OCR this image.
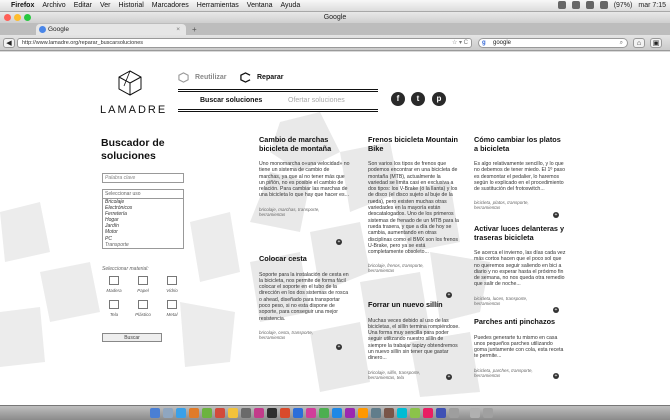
Firefox Archivo Editar Ver Historial Marcadores Herramientas Ventana Ayuda	(97%) mar 7:15
Google
Google	× +
◀	http://www.lamadre.org/reparar_buscarsoluciones	☆ ▾ C g google	⌕	⌂	▣
LAMADRE
Reutilizar	Reparar
Buscar soluciones	Ofertar soluciones	f	t	p
Buscador de soluciones
Palabra clave
Seleccionar uso
Bricolaje
Electrónicos
Ferretería
Hogar
Jardín
Motor
PC
Transporte
Seleccionar material:
Madera	Papel	Vidrio
Tela	Plástico	Metal
Buscar
Cambio de marchas bicicleta de montaña

Uno monomarcha o«una velocidad» no tiene un sistema de cambio de marchas, ya que al no tener más que un piñón, no es posible el cambio de relación. Para cambiar las marchas de una bicicleta lo que hay que hacer es...

bricolaje, marchas, transporte, herramientas
+
Colocar cesta

Soporte para la instalación de cesta en la bicicleta, nos permite de forma fácil colocar el soporte en el tubo de la dirección en los dos sistemas de rosca o ahead, diseñado para transportar poco peso, si no esta dispone de soporte, para conseguir una mejor resistencia.

bricolaje, cesta, transporte, herramientas
+
Frenos bicicleta Mountain Bike

Son varios los tipos de frenos que podemos encontrar en una bicicleta de montaña (MTB), actualmente la variedad se limita casi en exclusiva a dos tipos: los V-Brake (ó la llanta) y los de disco (el disco sujeto al buje de la rueda), pero existen muchas otras variedades en la mayoría están descatalogados. Uno de los primeros sistemas de frenado de un MTB para la rueda trasera, y que a día de hoy se cambia, aumentando en otras disciplinas como el BMX son los frenos U-Brake, pero ya se está completamente obsoleto...

bricolaje, frenos, transporte, herramientas
+
Forrar un nuevo sillín

Muchas veces debido al uso de las bicicletas, el sillín termina rompiéndose. Una forma muy sencilla para poder seguir utilizando nuestro sillín de siempre la trabajar tapizy obtendremos un nuevo sillín sin tener que gastar dinero...

bricolaje, sillín, transporte, herramientas, tela	+
Cómo cambiar los platos a bicicleta

Es algo relativamente sencillo, y lo que no debemos de tener miedo. El 1º paso es desmontar el pedalier, lo haremos según lo explicado en el procedimiento de sustitución del frotoswitch...

bicicleta, platos, transporte, herramientas
+
Activar luces delanteras y traseras bicicleta

Se acerca el invierno, las días cada vez más cortos hacen que el poco sol que no queremos seguir saliendo en bici a diario y no esperar hasta el próximo fin de semana, no nos queda otra remedio que salir de noche...

bicicleta, luces, transporte, herramientas
+
Parches anti pinchazos

Puedes generarte tu mismo en casa unos pequeños parches utilizando goma juntamente con cola, esta receta te permite...

bicicleta, parches, transporte, herramientas	+
